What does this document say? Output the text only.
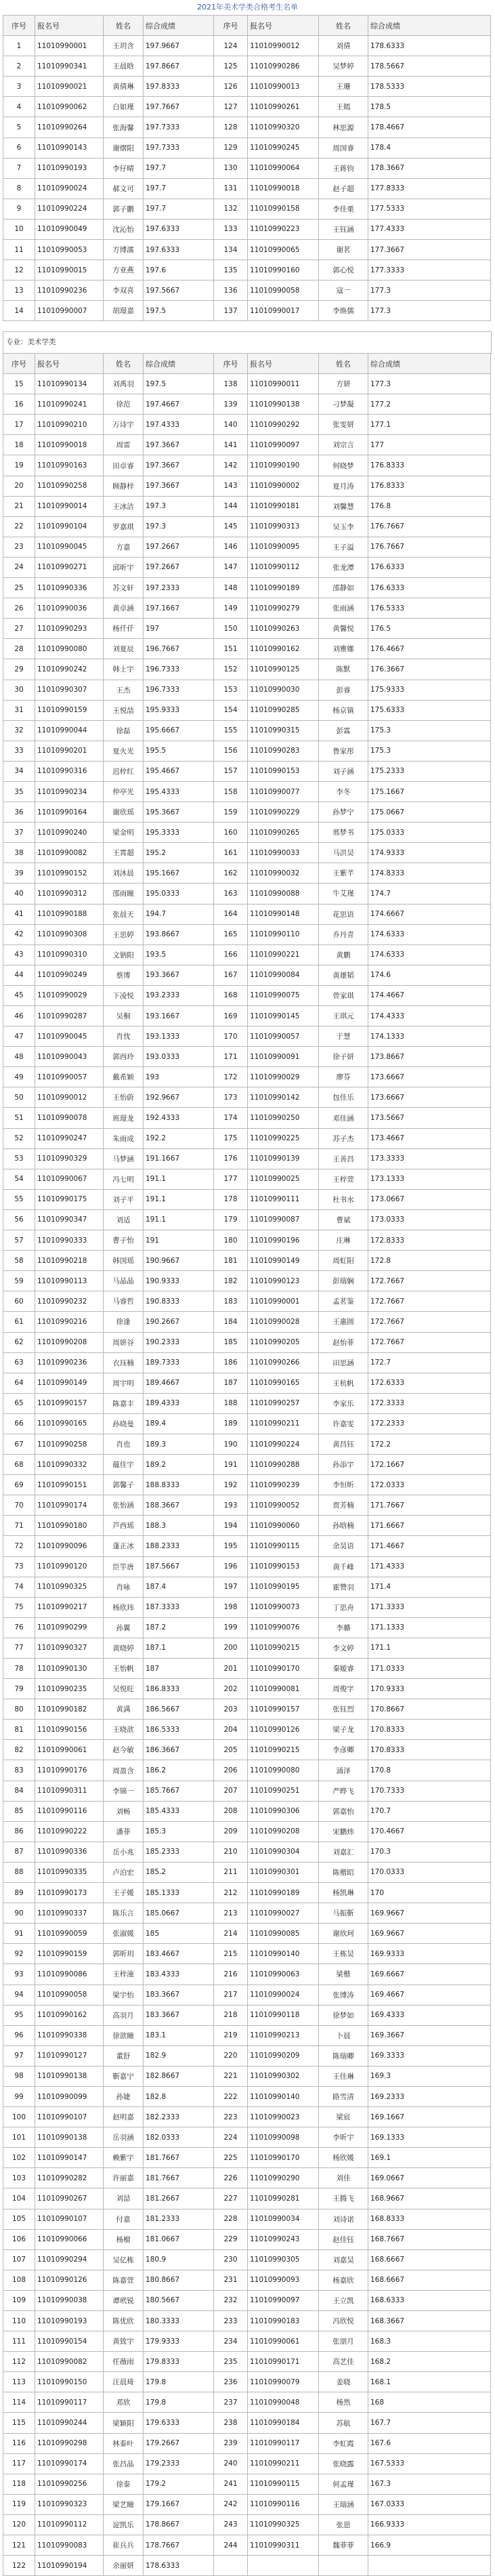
2021年美术学类合格考生名单
序号	报名号	姓名	综合成绩	序号	报名号	姓名	综合成绩
1	11010990001	王玥含	197.9667	124	11010990012	刘倩	178.6333
2	11010990341	王晨晗	197.8667	125	11010990286	吴梦婷	178.5667
3	11010990021	黄倩琳	197.8333	126	11010990013	王珊	178.5333
4	11010990062	白如瑾	197.7667	127	11010990261	王嫣	178.5
5	11010990264	张海馨	197.7333	128	11010990320	林思源	178.4667
6	11010990143	谢熠阳	197.7333	129	11010990245	周国睿	178.4
7	11010990193	李仔晴	197.7	130	11010990064	王蒋钧	178.3667
8	11010990024	郝文可	197.7	131	11010990018	赵子超	177.8333
9	11010990224	郭子鹏	197.7	132	11010990158	李佳栗	177.5333
10	11010990049	沈沁怡	197.6333	133	11010990223	王钰涵	177.4333
11	11010990053	方博濡	197.6333	134	11010990065	谢茗	177.3667
12	11010990015	方亚燕	197.6	135	11010990160	郭心悦	177.3333
13	11010990236	李双喜	197.5667	136	11010990058	寇一	177.3
14	11010990007	胡璟嘉	197.5	137	11010990017	李焕儒	177.3
专业：美术学类
序号	报名号	姓名	综合成绩	序号	报名号	姓名	综合成绩
15	11010990134	刘禹羽	197.5	138	11010990011	方妍	177.3
16	11010990241	徐范	197.4667	139	11010990138	刁梦凝	177.2
17	11010990210	万诗宇	197.4333	140	11010990292	张雯妍	177.1
18	11010990018	周雷	197.3667	141	11010990097	刘宗言	177
19	11010990163	田卓睿	197.3667	142	11010990190	何晓梦	176.8333
20	11010990258	顾静梓	197.3667	143	11010990002	夏月涛	176.8333
21	11010990014	王冰洁	197.3	144	11010990181	刘馨慧	176.8
22	11010990104	罗嘉琪	197.3	145	11010990313	吴玉李	176.7667
23	11010990045	方嘉	197.2667	146	11010990095	王子溢	176.7667
24	11010990271	邱昕宇	197.2667	147	11010990112	张龙潭	176.6333
25	11010990336	苏文轩	197.2333	148	11010990189	邵静如	176.6333
26	11010990036	黄卓涵	197.1667	149	11010990279	张雨涵	176.5333
27	11010990293	杨仟仟	197	150	11010990263	黄馨悦	176.5
28	11010990080	刘夏辰	196.7667	151	11010990162	刘雅娜	176.4667
29	11010990242	韩士宇	196.7333	152	11010990125	陈默	176.3667
30	11010990307	王杰	196.7333	153	11010990030	彭睿	175.9333
31	11010990159	王悦喆	195.9333	154	11010990285	杨京镇	175.6333
32	11010990044	徐磊	195.6667	155	11010990315	彭霖	175.3
33	11010990201	夏火光	195.5	156	11010990283	鲁家彤	175.3
34	11010990316	迟梓红	195.4667	157	11010990153	刘子涵	175.2333
35	11010990234	仲亭光	195.4333	158	11010990077	李冬	175.1667
36	11010990164	谢欣瑶	195.3667	159	11010990229	孙梦宁	175.0667
37	11010990240	梁金明	195.3333	160	11010990265	邢梦书	175.0333
38	11010990082	王霄超	195.2	161	11010990033	马洪昊	174.9333
39	11010990152	刘沐晨	195.1667	162	11010990032	王紫芊	174.8333
40	11010990312	邵雨瞳	195.0333	163	11010990088	牛艾瑾	174.7
41	11010990188	张晨天	194.7	164	11010990148	花思语	174.6667
42	11010990308	王思婷	193.8667	165	11010990110	乔丹青	174.6333
43	11010990310	文钠阳	193.5	166	11010990221	黄鹏	174.6333
44	11010990249	蔡博	193.3667	167	11010990084	黄雄韬	174.6
45	11010990029	下凌悦	193.2333	168	11010990075	曾家琪	174.4667
46	11010990287	吴桐	193.1667	169	11010990145	王琪元	174.4333
47	11010990045	肖忱	193.1333	170	11010990057	于慧	174.1333
48	11010990043	郭西玲	193.0333	171	11010990091	徐子妍	173.8667
49	11010990057	戴希颖	193	172	11010990029	廖芬	173.6667
50	11010990012	王怡蔚	192.9667	173	11010990142	包佳乐	173.6667
51	11010990078	班璟龙	192.4333	174	11010990250	邓佳涵	173.5667
52	11010990247	朱雨成	192.2	175	11010990225	苏子杰	173.4667
53	11010990329	马梦涵	191.1667	176	11010990139	王善昌	173.3333
54	11010990067	冯七明	191.1	177	11010990025	王梓萱	173.1333
55	11010990175	刘子平	191.1	178	11010990111	杜书水	173.0667
56	11010990347	刘适	191.1	179	11010990087	曹斌	173.0333
57	11010990333	曹子怡	191	180	11010990196	庄琳	172.8333
58	11010990218	韩国瑶	190.9667	181	11010990149	周虹阳	172.8
59	11010990113	马晶晶	190.9333	182	11010990123	彭瑞娴	172.7667
60	11010990232	马睿哲	190.8333	183	11010990001	孟茗鉴	172.7667
61	11010990216	徐逢	190.2667	184	11010990028	王惠圆	172.7667
62	11010990208	周妍谷	190.2333	185	11010990205	赵怡菲	172.7667
63	11010990236	衣珏楠	189.7333	186	11010990266	田思涵	172.7
64	11010990149	周宇明	189.4667	187	11010990165	王杭帆	172.6333
65	11010990157	陈嘉丰	189.4333	188	11010990257	李家乐	172.3333
66	11010990165	孙晓曼	189.4	189	11010990211	许嘉雯	172.2333
67	11010990258	肖也	189.3	190	11010990224	黄昌钰	172.2
68	11010990332	蕴佳宇	189.2	191	11010990288	孙添宇	172.1667
69	11010990151	郭馨子	188.8333	192	11010990239	李恒昕	172.0333
70	11010990174	张怡涵	188.3667	193	11010990052	贾芳楠	171.7667
71	11010990180	芦西瑶	188.3	194	11010990060	孙晗楠	171.6667
72	11010990096	蓬正冰	188.2333	195	11010990115	余昊语	171.4667
73	11010990120	臣竽唐	187.5667	196	11010990153	黄千峰	171.4333
74	11010990325	肖咏	187.4	197	11010990195	霍赞羽	171.4
75	11010990217	杨欣玮	187.3333	198	11010990073	丁思舟	171.3333
76	11010990299	孙翼	187.2	199	11010990076	李璐	171.1333
77	11010990327	黄晓婷	187.1	200	11010990215	李文婷	171.1
78	11010990130	王怡帆	187	201	11010990170	秦嫒睿	171.0333
79	11010990235	吴悦旺	186.8333	202	11010990081	周俊字	170.9333
80	11010990182	黄满	186.5667	203	11010990157	张钰烈	170.8667
81	11010990156	王晓歆	186.5333	204	11010990126	梁子龙	170.8333
82	11010990061	赵今敏	186.3667	205	11010990215	李彦卿	170.8333
83	11010990176	周盈含	186.2	206	11010990080	涌泽	170.8
84	11010990311	李锦一	185.7667	207	11010990251	严晔飞	170.7333
85	11010990116	刘畅	185.4333	208	11010990306	郭嘉怡	170.7
86	11010990222	潘菲	185.3	209	11010990208	宋鹏炜	170.4667
87	11010990336	岳小兆	185.2333	210	11010990304	刘嘉汇	170.3
88	11010990335	卢泊宏	185.2	211	11010990301	陈楷昭	170.0333
89	11010990173	王子媛	185.1333	212	11010990189	杨凯琳	170
90	11010990337	陈乐言	185.0667	213	11010990027	马振靳	169.9667
91	11010990059	张淑媛	185	214	11010990085	谢欣珂	169.9667
92	11010990159	郭昕玥	183.4667	215	11010990140	王栋昊	169.9333
93	11010990086	王梓潼	183.4333	216	11010990063	梁楷	169.6667
94	11010990058	梁宇怡	183.3667	217	11010990024	张博涛	169.4667
95	11010990162	高羽月	183.3667	218	11010990118	徐梦如	169.4333
96	11010990338	徐歆瞳	183.1	219	11010990213	卜晨	169.3667
97	11010990127	董舒	182.9	220	11010990209	陈瑞卿	169.3333
98	11010990138	靳嘉宁	182.8667	221	11010990302	王佳琳	169.3
99	11010990099	孙婕	182.8	222	11010990140	路雪清	169.2333
100	11010990107	赵明嘉	182.2333	223	11010990023	梁宸	169.1667
101	11010990138	岳羽涵	182.0333	224	11010990098	李昕宇	169.1333
102	11010990147	赖紫宇	181.7667	225	11010990170	杨欣媛	169.1
103	11010990282	许丽嘉	181.7667	226	11010990290	刘佳	169.0667
104	11010990267	刘喆	181.2667	227	11010990281	王腾飞	168.9667
105	11010990107	付嘉	181.2333	228	11010990034	刘诗诺	168.8333
106	11010990066	杨榴	181.0667	229	11010990243	赵佳钰	168.7667
107	11010990294	吴亿栋	180.9	230	11010990305	刘嘉昊	168.6667
108	11010990126	陈嘉萱	180.8667	231	11010990093	杨嘉欣	168.6667
109	11010990038	谭玳锐	180.5667	232	11010990097	王立凯	168.6333
110	11010990193	陈优欣	180.3333	233	11010990183	冯欣悦	168.3667
111	11010990154	黄致宇	179.9333	234	11010990061	张朋月	168.3
112	11010990082	任薇雨	179.8333	235	11010990171	高艺佳	168.2
113	11010990150	汪晨琦	179.8	236	11010990079	姜晓	168.1
114	11010990117	邓欣	179.8	237	11010990048	杨然	168
115	11010990244	梁颖阳	179.6333	238	11010990184	苏航	167.7
116	11010990298	林泰叶	179.2667	239	11010990117	李虹霞	167.6
117	11010990174	张昌晶	179.2333	240	11010990211	张晓露	167.5333
118	11010990256	徐泰	179.2	241	11010990115	何孟瑾	167.3
119	11010990323	梁艺瞳	179.1667	242	11010990116	王瑞涵	167.0333
120	11010990112	淀凯乐	178.8667	243	11010990325	张恩	166.9333
121	11010990083	崔兵兵	178.7667	244	11010990311	魏菲菲	166.9
122	11010990194	余丽妍	178.6333				
